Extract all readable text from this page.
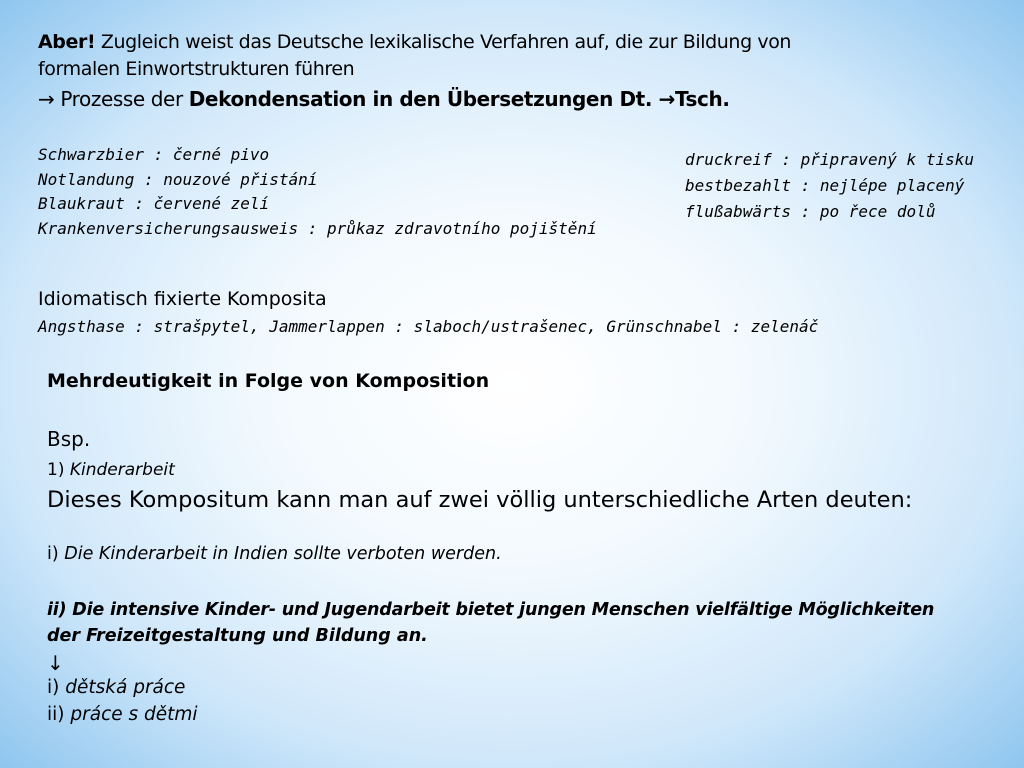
Aber! Zugleich weist das Deutsche lexikalische Verfahren auf, die zur Bildung von
formalen Einwortstrukturen führen
→ Prozesse der Dekondensation in den Übersetzungen Dt. →Tsch.
Schwarzbier : černé pivo
Notlandung : nouzové přistání
Blaukraut : červené zelí
Krankenversicherungsausweis : průkaz zdravotního pojištění
druckreif : připravený k tisku
bestbezahlt : nejlépe placený
flußabwärts : po řece dolů
Idiomatisch fixierte Komposita
Angsthase : strašpytel, Jammerlappen : slaboch/ustrašenec, Grünschnabel : zelenáč
Mehrdeutigkeit in Folge von Komposition
Bsp.
1) Kinderarbeit
Dieses Kompositum kann man auf zwei völlig unterschiedliche Arten deuten:
i) Die Kinderarbeit in Indien sollte verboten werden.
ii) Die intensive Kinder- und Jugendarbeit bietet jungen Menschen vielfältige Möglichkeiten
der Freizeitgestaltung und Bildung an.
↓
i) dětská práce
ii) práce s dětmi
